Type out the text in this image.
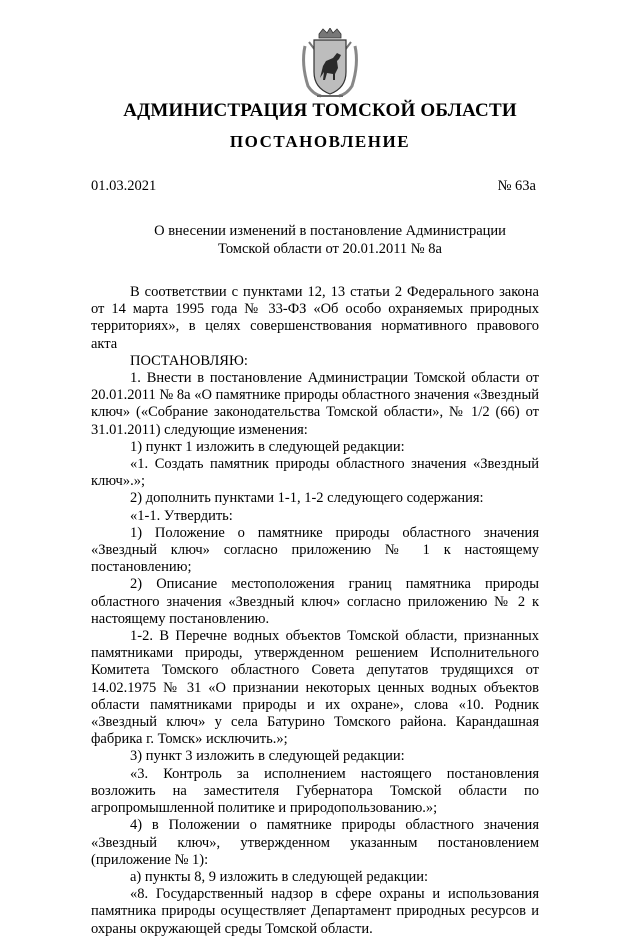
АДМИНИСТРАЦИЯ ТОМСКОЙ ОБЛАСТИ
ПОСТАНОВЛЕНИЕ
01.03.2021	№ 63а
О внесении изменений в постановление Администрации
Томской области от 20.01.2011 № 8а

В соответствии с пунктами 12, 13 статьи 2 Федерального закона от 14 марта 1995 года № 33-ФЗ «Об особо охраняемых природных территориях», в целях совершенствования нормативного правового акта

ПОСТАНОВЛЯЮ:

1. Внести в постановление Администрации Томской области от 20.01.2011 № 8а «О памятнике природы областного значения «Звездный ключ» («Собрание законодательства Томской области», № 1/2 (66) от 31.01.2011) следующие изменения:

1) пункт 1 изложить в следующей редакции:

«1. Создать памятник природы областного значения «Звездный ключ».»;

2) дополнить пунктами 1-1, 1-2 следующего содержания:

«1-1. Утвердить:

1) Положение о памятнике природы областного значения «Звездный ключ» согласно приложению № 1 к настоящему постановлению;

2) Описание местоположения границ памятника природы областного значения «Звездный ключ» согласно приложению № 2 к настоящему постановлению.

1-2. В Перечне водных объектов Томской области, признанных памятниками природы, утвержденном решением Исполнительного Комитета Томского областного Совета депутатов трудящихся от 14.02.1975 № 31 «О признании некоторых ценных водных объектов области памятниками природы и их охране», слова «10. Родник «Звездный ключ» у села Батурино Томского района. Карандашная фабрика г. Томск» исключить.»;

3) пункт 3 изложить в следующей редакции:

«3. Контроль за исполнением настоящего постановления возложить на заместителя Губернатора Томской области по агропромышленной политике и природопользованию.»;

4) в Положении о памятнике природы областного значения «Звездный ключ», утвержденном указанным постановлением (приложение № 1):

а) пункты 8, 9 изложить в следующей редакции:

«8. Государственный надзор в сфере охраны и использования памятника природы осуществляет Департамент природных ресурсов и охраны окружающей среды Томской области.
